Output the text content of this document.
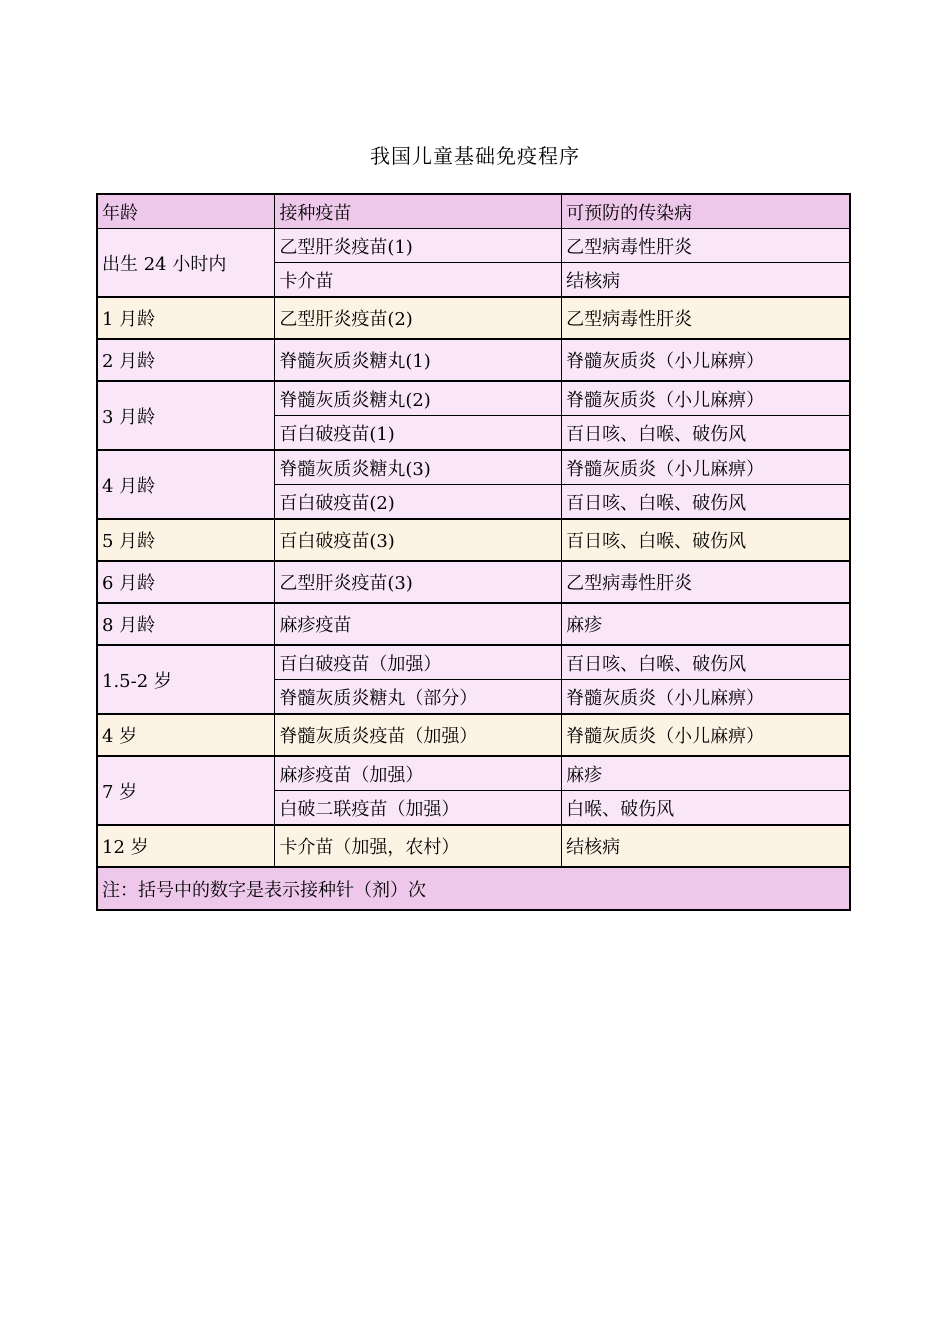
我国儿童基础免疫程序
年龄	接种疫苗	可预防的传染病
出生 24 小时内	乙型肝炎疫苗(1)	乙型病毒性肝炎
	卡介苗	结核病
1 月龄	乙型肝炎疫苗(2)	乙型病毒性肝炎
2 月龄	脊髓灰质炎糖丸(1)	脊髓灰质炎（小儿麻痹）
3 月龄	脊髓灰质炎糖丸(2)	脊髓灰质炎（小儿麻痹）
	百白破疫苗(1)	百日咳、白喉、破伤风
4 月龄	脊髓灰质炎糖丸(3)	脊髓灰质炎（小儿麻痹）
	百白破疫苗(2)	百日咳、白喉、破伤风
5 月龄	百白破疫苗(3)	百日咳、白喉、破伤风
6 月龄	乙型肝炎疫苗(3)	乙型病毒性肝炎
8 月龄	麻疹疫苗	麻疹
1.5-2 岁	百白破疫苗（加强）	百日咳、白喉、破伤风
	脊髓灰质炎糖丸（部分）	脊髓灰质炎（小儿麻痹）
4 岁	脊髓灰质炎疫苗（加强）	脊髓灰质炎（小儿麻痹）
7 岁	麻疹疫苗（加强）	麻疹
	白破二联疫苗（加强）	白喉、破伤风
12 岁	卡介苗（加强，农村）	结核病
注：括号中的数字是表示接种针（剂）次		
